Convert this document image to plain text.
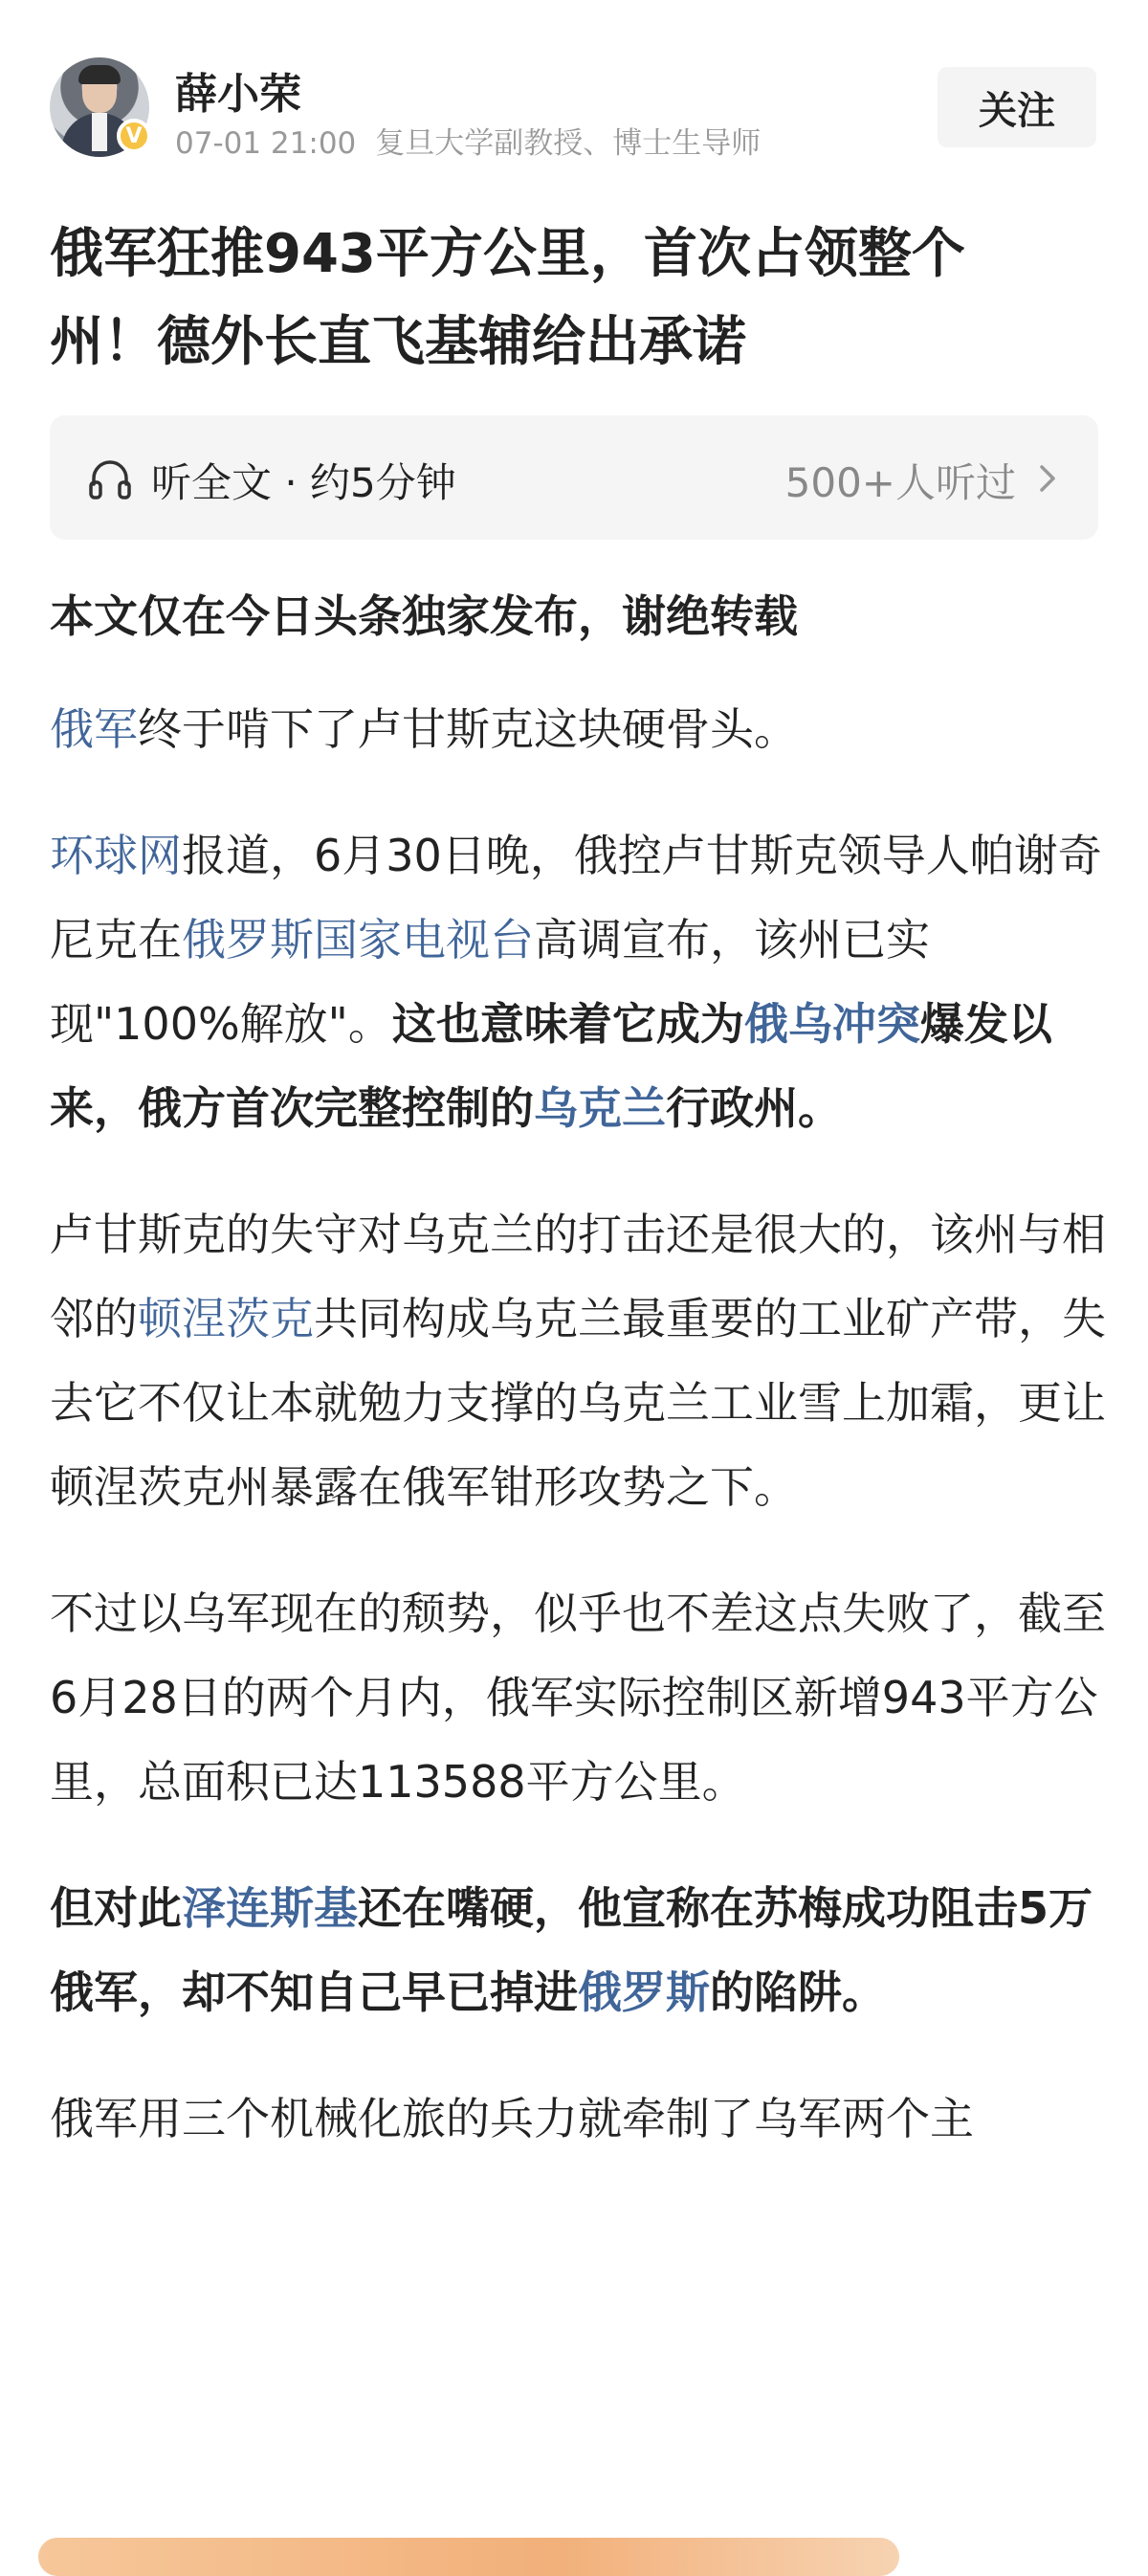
V
薛小荣
07-01 21:00 复旦大学副教授、博士生导师
关注
俄军狂推943平方公里，首次占领整个
州！德外长直飞基辅给出承诺
听全文 · 约5分钟	500+人听过

本文仅在今日头条独家发布，谢绝转载

俄军终于啃下了卢甘斯克这块硬骨头。

环球网报道，6月30日晚，俄控卢甘斯克领导人帕谢奇尼克在俄罗斯国家电视台高调宣布，该州已实现"100%解放"。这也意味着它成为俄乌冲突爆发以来，俄方首次完整控制的乌克兰行政州。

卢甘斯克的失守对乌克兰的打击还是很大的，该州与相邻的顿涅茨克共同构成乌克兰最重要的工业矿产带，失去它不仅让本就勉力支撑的乌克兰工业雪上加霜，更让顿涅茨克州暴露在俄军钳形攻势之下。

不过以乌军现在的颓势，似乎也不差这点失败了，截至6月28日的两个月内，俄军实际控制区新增943平方公里，总面积已达113588平方公里。

但对此泽连斯基还在嘴硬，他宣称在苏梅成功阻击5万俄军，却不知自己早已掉进俄罗斯的陷阱。

俄军用三个机械化旅的兵力就牵制了乌军两个主
